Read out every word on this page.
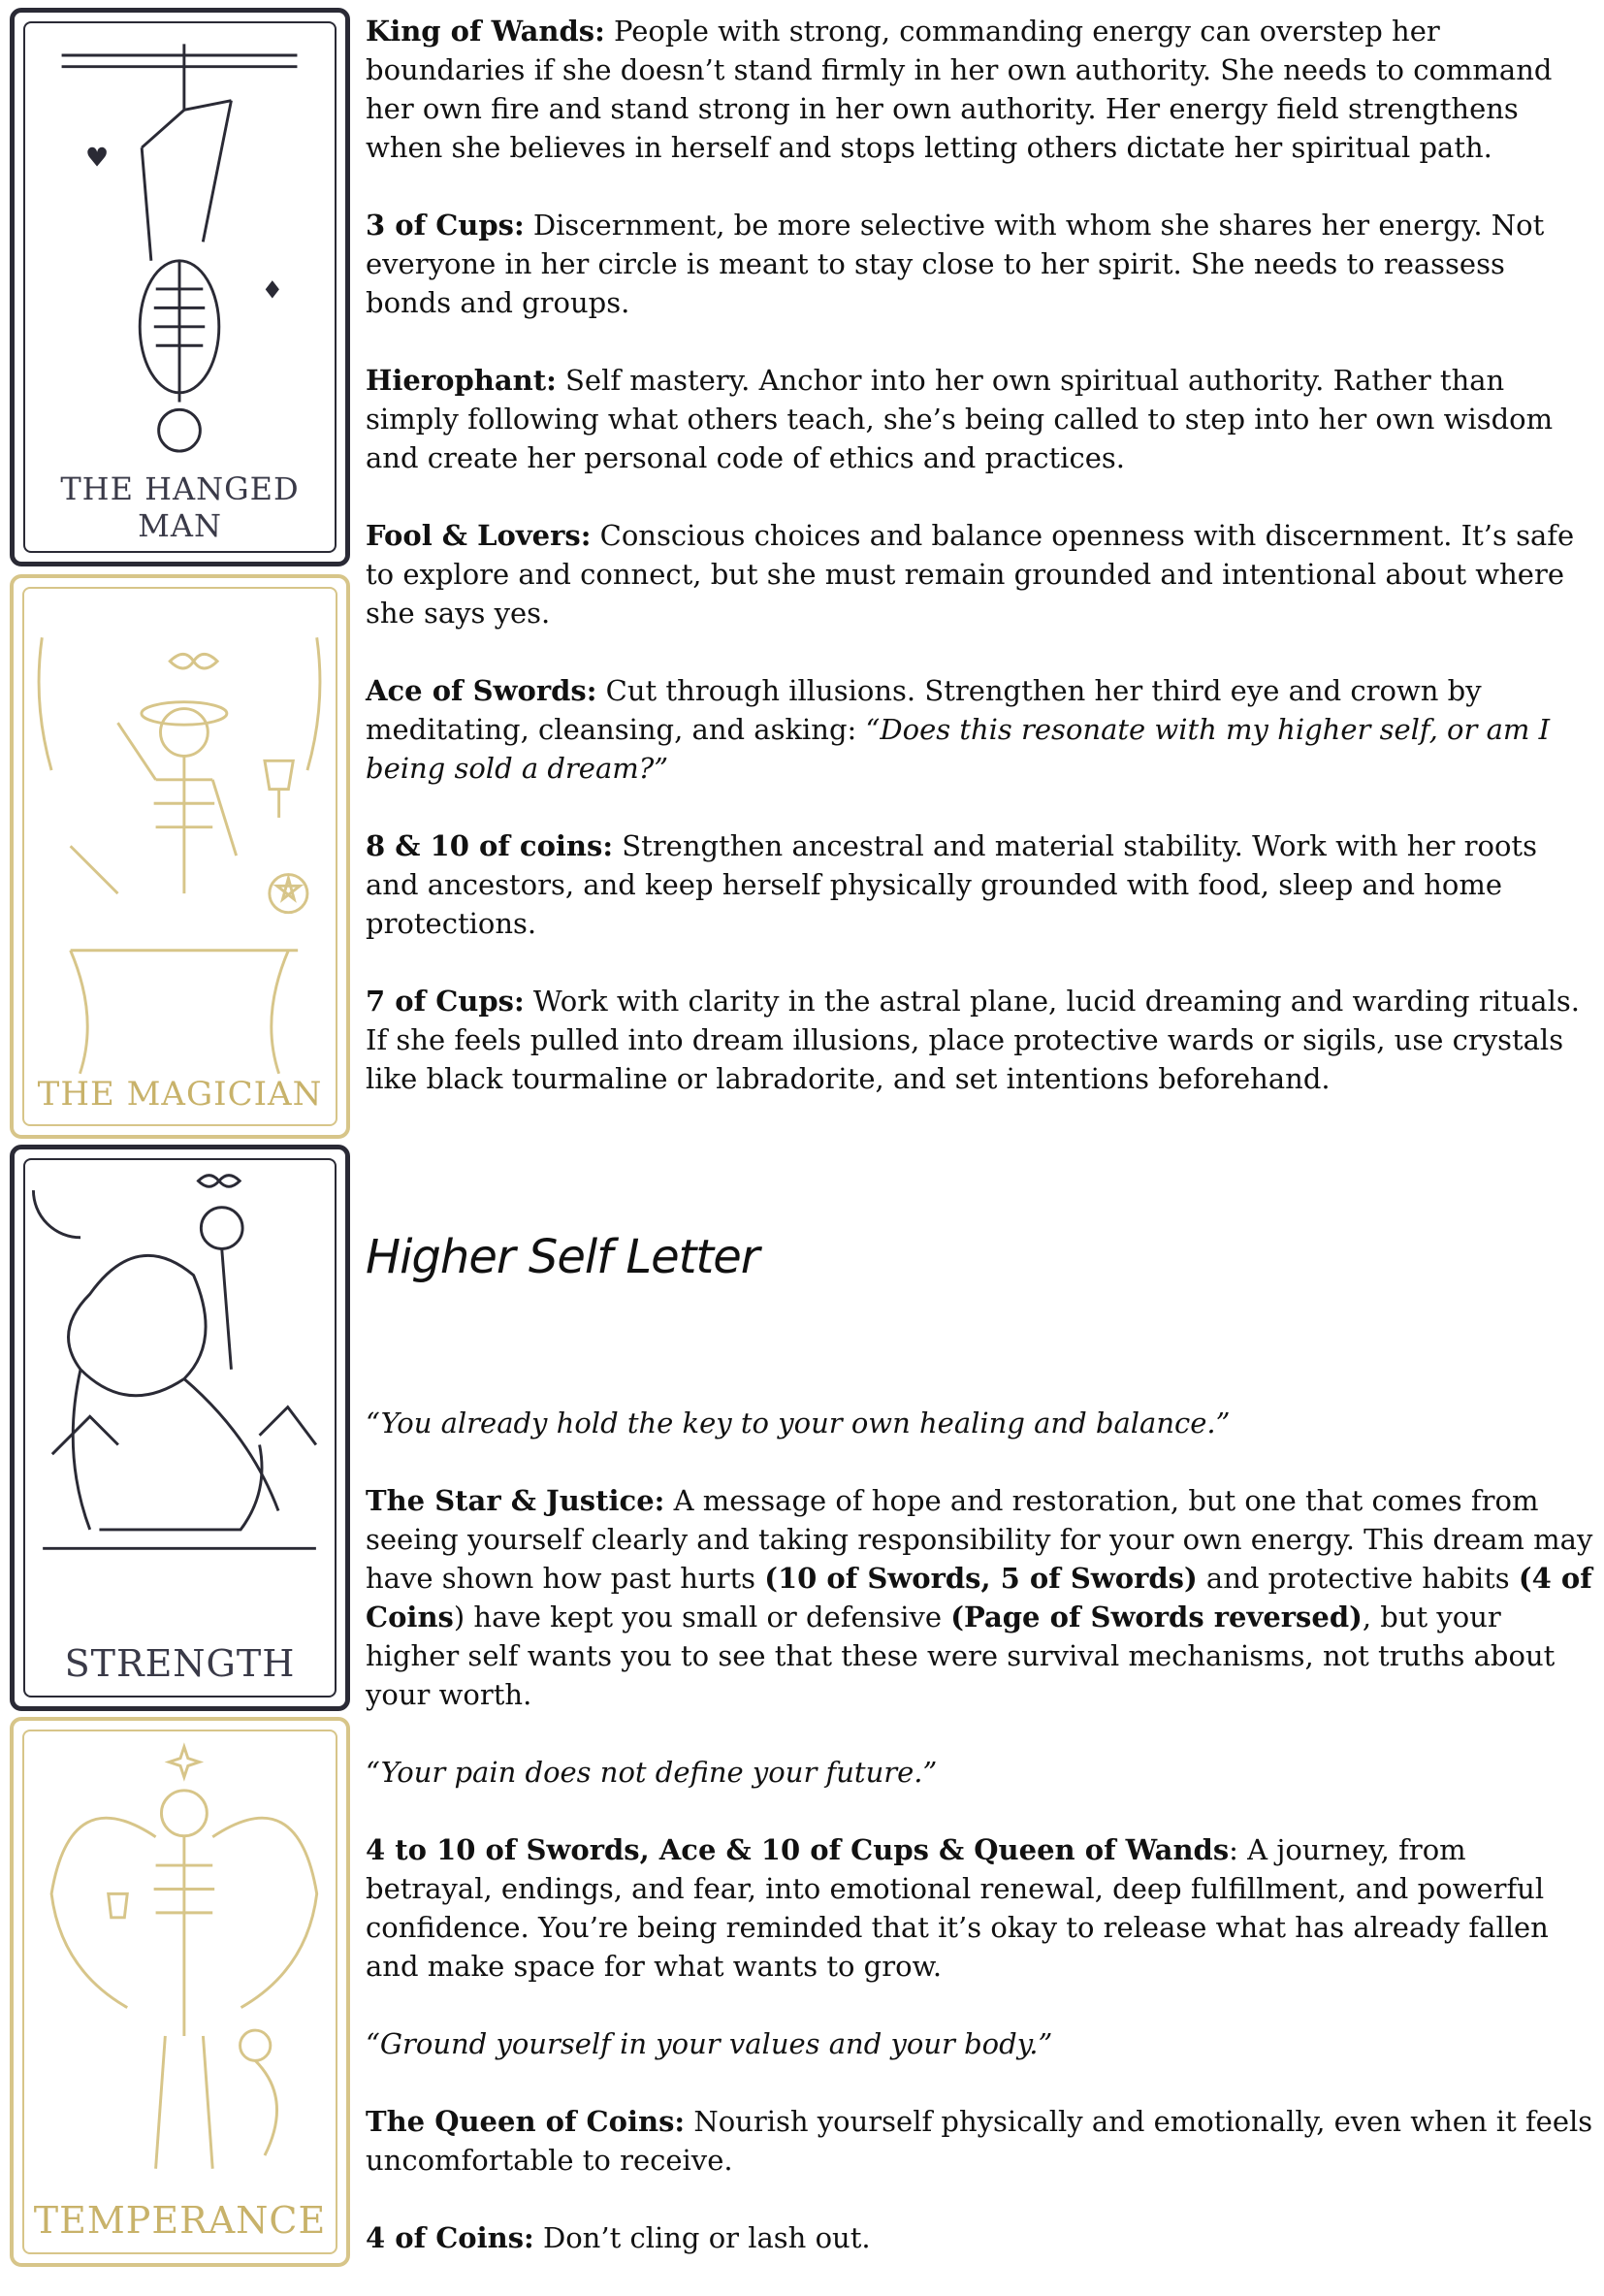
♥
♦
THE HANGED MAN
THE MAGICIAN
STRENGTH
TEMPERANCE

King of Wands: People with strong, commanding energy can overstep her boundaries if she doesn’t stand firmly in her own authority. She needs to command her own fire and stand strong in her own authority. Her energy field strengthens when she believes in herself and stops letting others dictate her spiritual path.

3 of Cups: Discernment, be more selective with whom she shares her energy. Not everyone in her circle is meant to stay close to her spirit. She needs to reassess bonds and groups.

Hierophant: Self mastery. Anchor into her own spiritual authority. Rather than simply following what others teach, she’s being called to step into her own wisdom and create her personal code of ethics and practices.

Fool & Lovers: Conscious choices and balance openness with discernment. It’s safe to explore and connect, but she must remain grounded and intentional about where she says yes.

Ace of Swords: Cut through illusions. Strengthen her third eye and crown by meditating, cleansing, and asking: “Does this resonate with my higher self, or am I being sold a dream?”

8 & 10 of coins: Strengthen ancestral and material stability. Work with her roots and ancestors, and keep herself physically grounded with food, sleep and home protections.

7 of Cups: Work with clarity in the astral plane, lucid dreaming and warding rituals. If she feels pulled into dream illusions, place protective wards or sigils, use crystals like black tourmaline or labradorite, and set intentions beforehand.

Higher Self Letter

“You already hold the key to your own healing and balance.”

The Star & Justice: A message of hope and restoration, but one that comes from seeing yourself clearly and taking responsibility for your own energy. This dream may have shown how past hurts (10 of Swords, 5 of Swords) and protective habits (4 of Coins) have kept you small or defensive (Page of Swords reversed), but your higher self wants you to see that these were survival mechanisms, not truths about your worth.

“Your pain does not define your future.”

4 to 10 of Swords, Ace & 10 of Cups & Queen of Wands: A journey, from betrayal, endings, and fear, into emotional renewal, deep fulfillment, and powerful confidence. You’re being reminded that it’s okay to release what has already fallen and make space for what wants to grow.

“Ground yourself in your values and your body.”

The Queen of Coins: Nourish yourself physically and emotionally, even when it feels uncomfortable to receive.

4 of Coins: Don’t cling or lash out.
